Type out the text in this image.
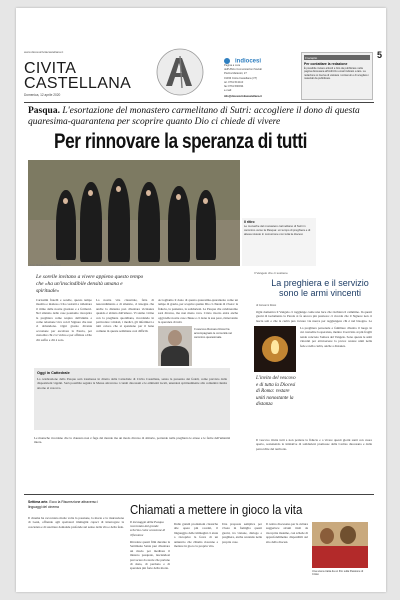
www.diocesicivitacastellana.it
CIVITA
CASTELLANA
Domenica, 12 aprile 2020
indiocesi
Pagina a cura
dell'Ufficio Comunicazioni Sociali
Piazza Matteotti, 27
01033 Civita Castellana (VT)
tel. 0761.513110
fax 0761.590934
e-mail:
info@diocesicivitacastellana.it
Il recapito
Per contattare la redazione
È possibile inviare articoli e foto da pubblicare nella pagina diocesana all'indirizzo email indicato a lato. La redazione si riserva di valutare i contenuti e di scegliere i materiali da pubblicare.
5
Pasqua. L'esortazione del monastero carmelitano di Sutri: accogliere il dono di questa quaresima-quarantena per scoprire quanto Dio ci chiede di vivere
Per rinnovare la speranza di tutti
Foto: Monastero Carmelitano
Il ritiro
Le monache del monastero carmelitano di Sutri in cammino verso la Pasqua: un tempo di preghiera e di attesa vissuto in comunione con tutta la diocesi.
Le sorelle invitano a vivere appieno questo tempo che «ha un'inscindibile densità umana e spirituale»
Carissimi fratelli e sorelle, questo tempo insolito e inatteso ci ha costretti a rallentare il ritmo delle nostre giornate e a fermarci. Nel silenzio delle case possiamo riscoprire la preghiera come respiro dell'anima e come relazione viva con il Signore che non ci abbandona. Ogni giorno diventa occasione per ascoltare la Parola, per custodire chi ci è vicino e per affidare a Dio chi soffre e chi è solo.
La nostra vita claustrale, fatta di nascondimento e di silenzio, ci insegna che anche la distanza può diventare vicinanza quando è abitata dall'amore. Vi siamo vicine con la preghiera quotidiana, ricordando in particolare i malati, i medici, gli infermieri e tutti coloro che si spendono per il bene comune in queste settimane così difficili.
Accogliamo il dono di questa quaresima-quarantena come un tempo di grazia, per scoprire quanto Dio ci chiede di vivere: la fiducia, la pazienza, la solidarietà. La Pasqua che celebreremo sarà diversa, ma non meno vera. Cristo risorto entra anche oggi nelle nostre case chiuse e ci dona la sua pace, rinnovando la speranza di tutti.
Il vescovo Romano Rossi ha accompagnato le comunità nel cammino quaresimale.
Oggi in Cattedrale
La celebrazione della Pasqua sarà trasmessa in diretta dalla Cattedrale di Civita Castellana, senza la presenza dei fedeli, come previsto dalle disposizioni vigenti. Sarà possibile seguire la Messa attraverso i canali diocesani e le emittenti locali, unendosi spiritualmente alla comunità riunita attorno al vescovo.
Le monache ricordano che la clausura non è fuga dal mondo ma un modo diverso di abitarlo, portando nella preghiera le attese e le ferite dell'umanità intera.
Il Vangelo che ci sostiene
La preghiera e il servizio sono le armi vincenti
di Giovanni Rossi
Ogni domenica il Vangelo ci raggiunge come una luce che rischiara il cammino. In questi giorni di isolamento la Parola si fa ancora più preziosa: ci ricorda che il Signore non ci lascia soli e che la carità può trovare vie nuove per raggiungere chi è nel bisogno. Le
L'invito del vescovo e di tutta la Diocesi di Roma: restare uniti nonostante la distanza
La preghiera personale e familiare diventa il luogo in cui custodire la speranza, mentre il servizio ai più fragili rende concreto l'amore del Vangelo. Sono queste le armi vincenti per attraversare la prova: restare uniti nella fede e nella carità, anche a distanza.
Il vescovo invita tutti a non perdere la fiducia e a vivere questi giorni santi con cuore aperto, sostenendo le iniziative di solidarietà promosse dalla Caritas diocesana e dalle parrocchie del territorio.
Settima arte. Ecco la Risurrezione attraverso i linguaggi del cinema
Il cinema ha raccontato molte volte la passione, la morte e la risurrezione di Gesù, offrendo agli spettatori immagini capaci di interrogare la coscienza e di suscitare domande profonde sul senso della vita e della fede.
Chiamati a mettere in gioco la vita
Il messaggio della Pasqua raccontato dal grande schermo come occasione di riflessione
Rivedere questi film durante la Settimana Santa può diventare un modo per meditare il mistero pasquale, lasciandosi provocare da storie che parlano di dono, di perdono e di speranza più forte della morte.
Dalle grandi produzioni classiche alle opere più recenti, il linguaggio delle immagini ci aiuta a riscoprire la forza di un annuncio che chiama ciascuno a mettere in gioco la propria vita.
Una proposta semplice per vivere in famiglia questi giorni, tra visione, dialogo e preghiera, anche restando nelle proprie case.
Il centro diocesano per la cultura suggerisce alcuni titoli da riscoprire insieme, con schede di approfondimento disponibili sul sito della diocesi.
Una scena tratta da un film sulla Passione di Cristo
